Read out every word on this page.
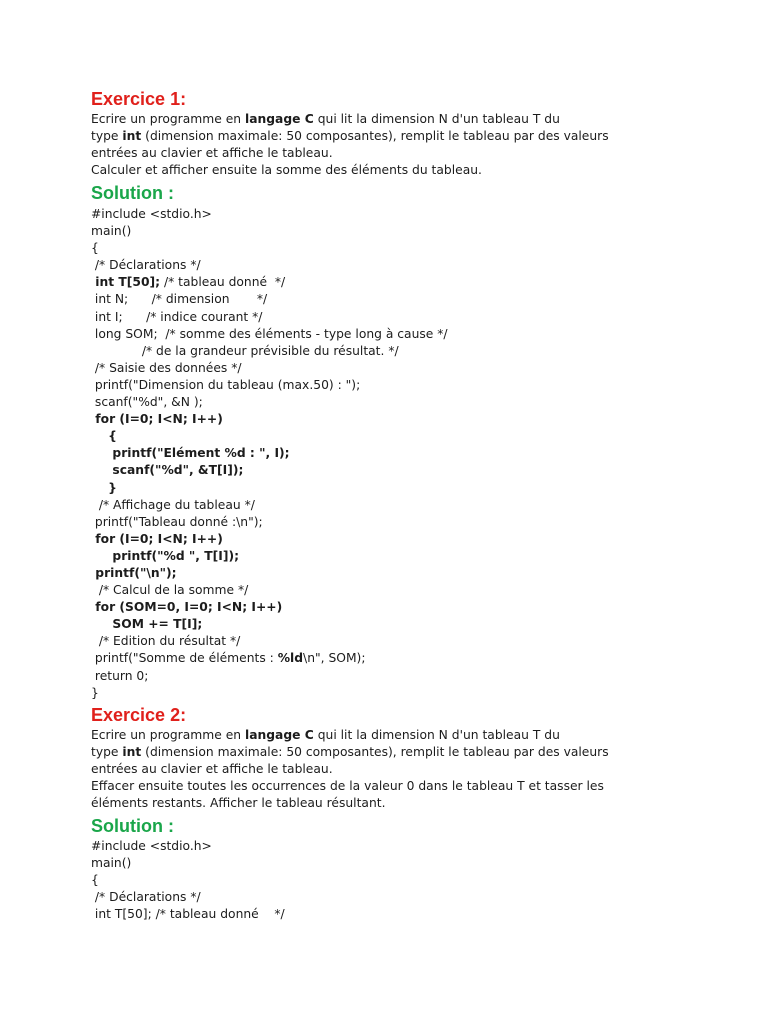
Exercice 1:
Ecrire un programme en langage C qui lit la dimension N d'un tableau T du
type int (dimension maximale: 50 composantes), remplit le tableau par des valeurs
entrées au clavier et affiche le tableau.
Calculer et afficher ensuite la somme des éléments du tableau.
Solution :
#include <stdio.h>
main()
{
/* Déclarations */
int T[50]; /* tableau donné  */
int N;      /* dimension       */
int I;      /* indice courant */
long SOM;  /* somme des éléments - type long à cause */
/* de la grandeur prévisible du résultat. */
/* Saisie des données */
printf("Dimension du tableau (max.50) : ");
scanf("%d", &N );
for (I=0; I<N; I++)
{
printf("Elément %d : ", I);
scanf("%d", &T[I]);
}
/* Affichage du tableau */
printf("Tableau donné :\n");
for (I=0; I<N; I++)
printf("%d ", T[I]);
printf("\n");
/* Calcul de la somme */
for (SOM=0, I=0; I<N; I++)
SOM += T[I];
/* Edition du résultat */
printf("Somme de éléments : %ld\n", SOM);
return 0;
}
Exercice 2:
Ecrire un programme en langage C qui lit la dimension N d'un tableau T du
type int (dimension maximale: 50 composantes), remplit le tableau par des valeurs
entrées au clavier et affiche le tableau.
Effacer ensuite toutes les occurrences de la valeur 0 dans le tableau T et tasser les
éléments restants. Afficher le tableau résultant.
Solution :
#include <stdio.h>
main()
{
/* Déclarations */
int T[50]; /* tableau donné    */
